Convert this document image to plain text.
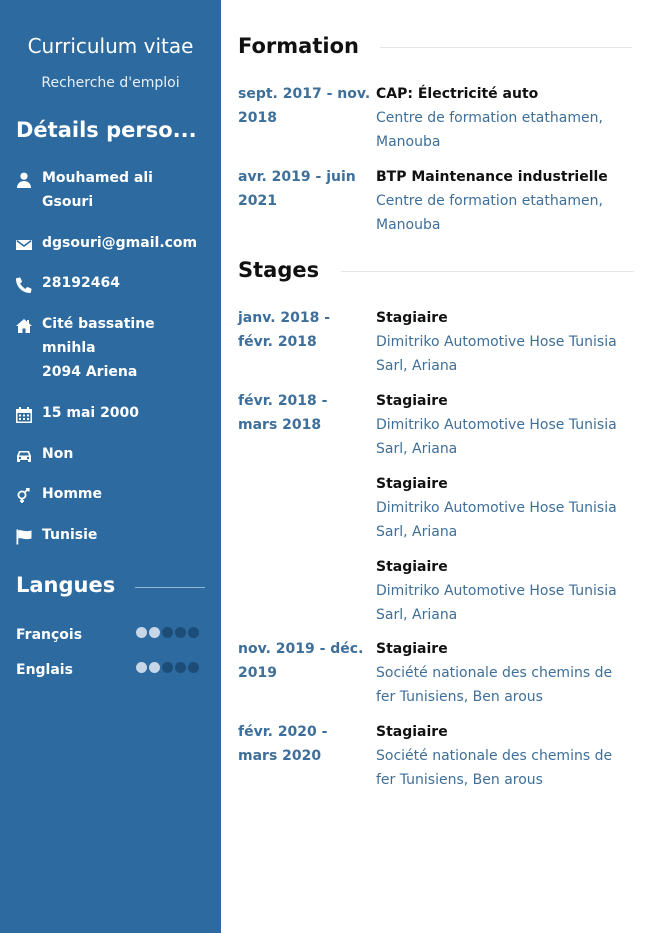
Curriculum vitae
Recherche d'emploi
Détails perso...
Mouhamed ali
Gsouri
dgsouri@gmail.com
28192464
Cité bassatine
mnihla
2094 Ariena
15 mai 2000
Non
Homme
Tunisie
Langues
François
Englais
Formation
sept. 2017 - nov.
2018
CAP: Électricité auto
Centre de formation etathamen,
Manouba
avr. 2019 - juin
2021
BTP Maintenance industrielle
Centre de formation etathamen,
Manouba
Stages
janv. 2018 -
févr. 2018
Stagiaire
Dimitriko Automotive Hose Tunisia
Sarl, Ariana
févr. 2018 -
mars 2018
Stagiaire
Dimitriko Automotive Hose Tunisia
Sarl, Ariana
Stagiaire
Dimitriko Automotive Hose Tunisia
Sarl, Ariana
Stagiaire
Dimitriko Automotive Hose Tunisia
Sarl, Ariana
nov. 2019 - déc.
2019
Stagiaire
Société nationale des chemins de
fer Tunisiens, Ben arous
févr. 2020 -
mars 2020
Stagiaire
Société nationale des chemins de
fer Tunisiens, Ben arous
